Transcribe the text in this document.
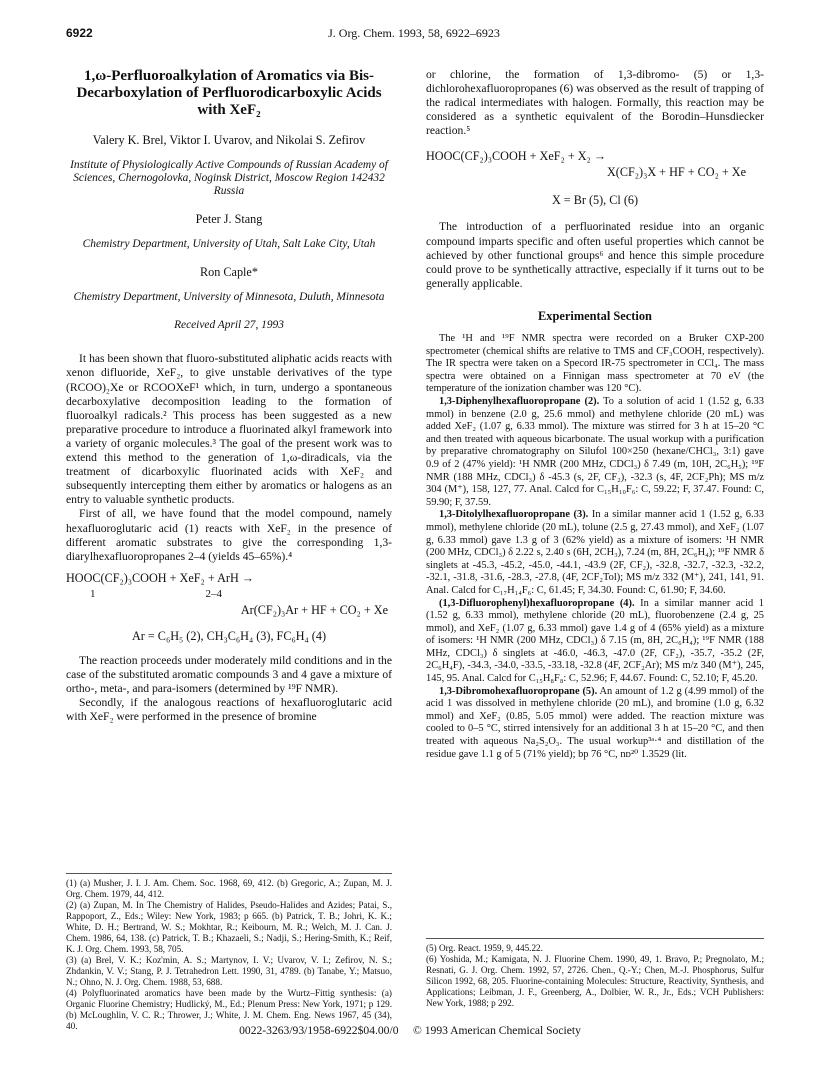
6922	J. Org. Chem. 1993, 58, 6922–6923

1,ω-Perfluoroalkylation of Aromatics via Bis-Decarboxylation of Perfluorodicarboxylic Acids with XeF₂

Valery K. Brel, Viktor I. Uvarov, and Nikolai S. Zefirov

Institute of Physiologically Active Compounds of Russian Academy of Sciences, Chernogolovka, Noginsk District, Moscow Region 142432 Russia

Peter J. Stang

Chemistry Department, University of Utah, Salt Lake City, Utah

Ron Caple*

Chemistry Department, University of Minnesota, Duluth, Minnesota

Received April 27, 1993

It has been shown that fluoro-substituted aliphatic acids reacts with xenon difluoride, XeF₂, to give unstable derivatives of the type (RCOO)₂Xe or RCOOXeF¹ which, in turn, undergo a spontaneous decarboxylative decomposition leading to the formation of fluoroalkyl radicals.² This process has been suggested as a new preparative procedure to introduce a fluorinated alkyl framework into a variety of organic molecules.³ The goal of the present work was to extend this method to the generation of 1,ω-diradicals, via the treatment of dicarboxylic fluorinated acids with XeF₂ and subsequently intercepting them either by aromatics or halogens as an entry to valuable synthetic products.

First of all, we have found that the model compound, namely hexafluoroglutaric acid (1) reacts with XeF₂ in the presence of different aromatic substrates to give the corresponding 1,3-diarylhexafluoropropanes 2–4 (yields 45–65%).⁴

HOOC(CF₂)₃COOH + XeF₂ + ArH →
1                                        2–4
Ar(CF₂)₃Ar + HF + CO₂ + Xe
Ar = C₆H₅ (2), CH₃C₆H₄ (3), FC₆H₄ (4)

The reaction proceeds under moderately mild conditions and in the case of the substituted aromatic compounds 3 and 4 gave a mixture of ortho-, meta-, and para-isomers (determined by ¹⁹F NMR).

Secondly, if the analogous reactions of hexafluoroglutaric acid with XeF₂ were performed in the presence of bromine

or chlorine, the formation of 1,3-dibromo- (5) or 1,3-dichlorohexafluoropropanes (6) was observed as the result of trapping of the radical intermediates with halogen. Formally, this reaction may be considered as a synthetic equivalent of the Borodin–Hunsdiecker reaction.⁵

HOOC(CF₂)₃COOH + XeF₂ + X₂ →
X(CF₂)₃X + HF + CO₂ + Xe
X = Br (5), Cl (6)

The introduction of a perfluorinated residue into an organic compound imparts specific and often useful properties which cannot be achieved by other functional groups⁶ and hence this simple procedure could prove to be synthetically attractive, especially if it turns out to be generally applicable.

Experimental Section

The ¹H and ¹⁹F NMR spectra were recorded on a Bruker CXP-200 spectrometer (chemical shifts are relative to TMS and CF₃COOH, respectively). The IR spectra were taken on a Specord IR-75 spectrometer in CCl₄. The mass spectra were obtained on a Finnigan mass spectrometer at 70 eV (the temperature of the ionization chamber was 120 °C).

1,3-Diphenylhexafluoropropane (2). To a solution of acid 1 (1.52 g, 6.33 mmol) in benzene (2.0 g, 25.6 mmol) and methylene chloride (20 mL) was added XeF₂ (1.07 g, 6.33 mmol). The mixture was stirred for 3 h at 15–20 °C and then treated with aqueous bicarbonate. The usual workup with a purification by preparative chromatography on Silufol 100×250 (hexane/CHCl₃, 3:1) gave 0.9 of 2 (47% yield): ¹H NMR (200 MHz, CDCl₃) δ 7.49 (m, 10H, 2C₆H₅); ¹⁹F NMR (188 MHz, CDCl₃) δ -45.3 (s, 2F, CF₂), -32.3 (s, 4F, 2CF₂Ph); MS m/z 304 (M⁺), 158, 127, 77. Anal. Calcd for C₁₅H₁₀F₆: C, 59.22; F, 37.47. Found: C, 59.90; F, 37.59.

1,3-Ditolylhexafluoropropane (3). In a similar manner acid 1 (1.52 g, 6.33 mmol), methylene chloride (20 mL), tolune (2.5 g, 27.43 mmol), and XeF₂ (1.07 g, 6.33 mmol) gave 1.3 g of 3 (62% yield) as a mixture of isomers: ¹H NMR (200 MHz, CDCl₃) δ 2.22 s, 2.40 s (6H, 2CH₃), 7.24 (m, 8H, 2C₆H₄); ¹⁹F NMR δ singlets at -45.3, -45.2, -45.0, -44.1, -43.9 (2F, CF₂), -32.8, -32.7, -32.3, -32.2, -32.1, -31.8, -31.6, -28.3, -27.8, (4F, 2CF₂Tol); MS m/z 332 (M⁺), 241, 141, 91. Anal. Calcd for C₁₇H₁₄F₆: C, 61.45; F, 34.30. Found: C, 61.90; F, 34.60.

(1,3-Difluorophenyl)hexafluoropropane (4). In a similar manner acid 1 (1.52 g, 6.33 mmol), methylene chloride (20 mL), fluorobenzene (2.4 g, 25 mmol), and XeF₂ (1.07 g, 6.33 mmol) gave 1.4 g of 4 (65% yield) as a mixture of isomers: ¹H NMR (200 MHz, CDCl₃) δ 7.15 (m, 8H, 2C₆H₄); ¹⁹F NMR (188 MHz, CDCl₃) δ singlets at -46.0, -46.3, -47.0 (2F, CF₂), -35.7, -35.2 (2F, 2C₆H₄F), -34.3, -34.0, -33.5, -33.18, -32.8 (4F, 2CF₂Ar); MS m/z 340 (M⁺), 245, 145, 95. Anal. Calcd for C₁₅H₈F₈: C, 52.96; F, 44.67. Found: C, 52.10; F, 45.20.

1,3-Dibromohexafluoropropane (5). An amount of 1.2 g (4.99 mmol) of the acid 1 was dissolved in methylene chloride (20 mL), and bromine (1.0 g, 6.32 mmol) and XeF₂ (0.85, 5.05 mmol) were added. The reaction mixture was cooled to 0–5 °C, stirred intensively for an additional 3 h at 15–20 °C, and then treated with aqueous Na₂S₂O₃. The usual workup³ᵃ·⁴ and distillation of the residue gave 1.1 g of 5 (71% yield); bp 76 °C, nᴅ²⁰ 1.3529 (lit.

(1) (a) Musher, J. I. J. Am. Chem. Soc. 1968, 69, 412. (b) Gregoric, A.; Zupan, M. J. Org. Chem. 1979, 44, 412.

(2) (a) Zupan, M. In The Chemistry of Halides, Pseudo-Halides and Azides; Patai, S., Rappoport, Z., Eds.; Wiley: New York, 1983; p 665. (b) Patrick, T. B.; Johri, K. K.; White, D. H.; Bertrand, W. S.; Mokhtar, R.; Keibourn, M. R.; Welch, M. J. Can. J. Chem. 1986, 64, 138. (c) Patrick, T. B.; Khazaeli, S.; Nadji, S.; Hering-Smith, K.; Reif, K. J. Org. Chem. 1993, 58, 705.

(3) (a) Brel, V. K.; Koz'min, A. S.; Martynov, I. V.; Uvarov, V. I.; Zefirov, N. S.; Zhdankin, V. V.; Stang, P. J. Tetrahedron Lett. 1990, 31, 4789. (b) Tanabe, Y.; Matsuo, N.; Ohno, N. J. Org. Chem. 1988, 53, 688.

(4) Polyfluorinated aromatics have been made by the Wurtz–Fittig synthesis: (a) Organic Fluorine Chemistry; Hudlický, M., Ed.; Plenum Press: New York, 1971; p 129. (b) McLoughlin, V. C. R.; Thrower, J.; White, J. M. Chem. Eng. News 1967, 45 (34), 40.

(5) Org. React. 1959, 9, 445.22.

(6) Yoshida, M.; Kamigata, N. J. Fluorine Chem. 1990, 49, 1. Bravo, P.; Pregnolato, M.; Resnati, G. J. Org. Chem. 1992, 57, 2726. Chen., Q.-Y.; Chen, M.-J. Phosphorus, Sulfur Silicon 1992, 68, 205. Fluorine-containing Molecules: Structure, Reactivity, Synthesis, and Applications; Leibman, J. F., Greenberg, A., Dolbier, W. R., Jr., Eds.; VCH Publishers: New York, 1988; p 292.

0022-3263/93/1958-6922$04.00/0 © 1993 American Chemical Society
